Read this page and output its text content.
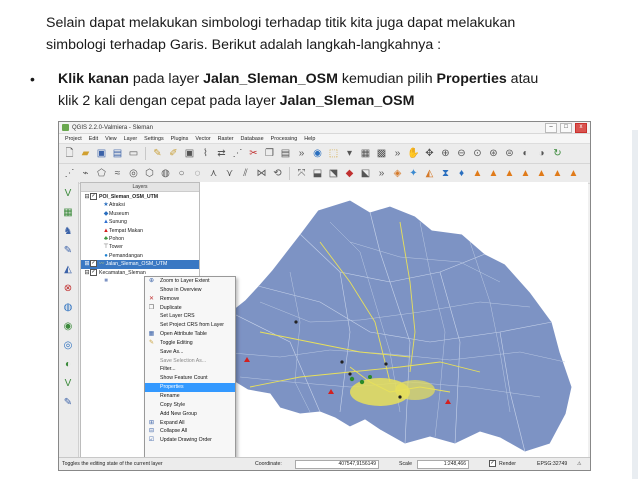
Selain dapat melakukan simbologi terhadap titik kita juga dapat melakukan
simbologi terhadap Garis. Berikut adalah langkah-langkahnya :
• Klik kanan pada layer Jalan_Sleman_OSM kemudian pilih Properties atau
klik 2 kali dengan cepat pada layer Jalan_Sleman_OSM
QGIS 2.2.0-Valmiera - Sleman	–	□	x
Project Edit View Layer Settings Plugins Vector Raster Database Processing Help
🗋 ▰ ▣ ▤ ▭ ✎ ✐ ▣ ⌇ ⇄ ⋰ ✂ ❐ ▤ » ◉ ⬚ ▾ ▦ ▩ » ✋ ✥ ⊕ ⊖ ⊙ ⊛ ⊜ ◐ ◑ ↻
⋰ ⌁ ⬠ ≈ ◎ ⬡ ◍ ○	◌ ⋏ ⋎	⫽ ⋈ ⟲ ⤧ ⬓ ⬔ ◆ ⬕ » ◈ ✦ ◭ ⧗ ♦ ▲ ▲ ▲ ▲ ▲ ▲ ▲
V
▦
♞
✎
◭
⊗
◍
◉
◎
◐
V
✎
Layers
⊟ ✓ POI_Sleman_OSM_UTM
★Atraksi
◆Museum
▲Sunung
▲Tempat Makan
♣Pohon
⊤Tower
●Pemandangan
⊞ ✓ 〰 Jalan_Sleman_OSM_UTM
⊟ ✓ Kecamatan_Sleman
■	⊕ Zoom to Layer Extent
Show in Overview
✕ Remove
❐ Duplicate
Set Layer CRS
Set Project CRS from Layer
▦ Open Attribute Table
✎ Toggle Editing
Save As...
Save Selection As...
Filter...
Show Feature Count
Properties
Rename
Copy Style
Add New Group
⊞ Expand All
⊟ Collapse All
☑ Update Drawing Order
Toggles the editing state of the current layer	Coordinate:	407547,9156149	Scale	1:248,466	✓ Render	EPSG:32749 ⚠
